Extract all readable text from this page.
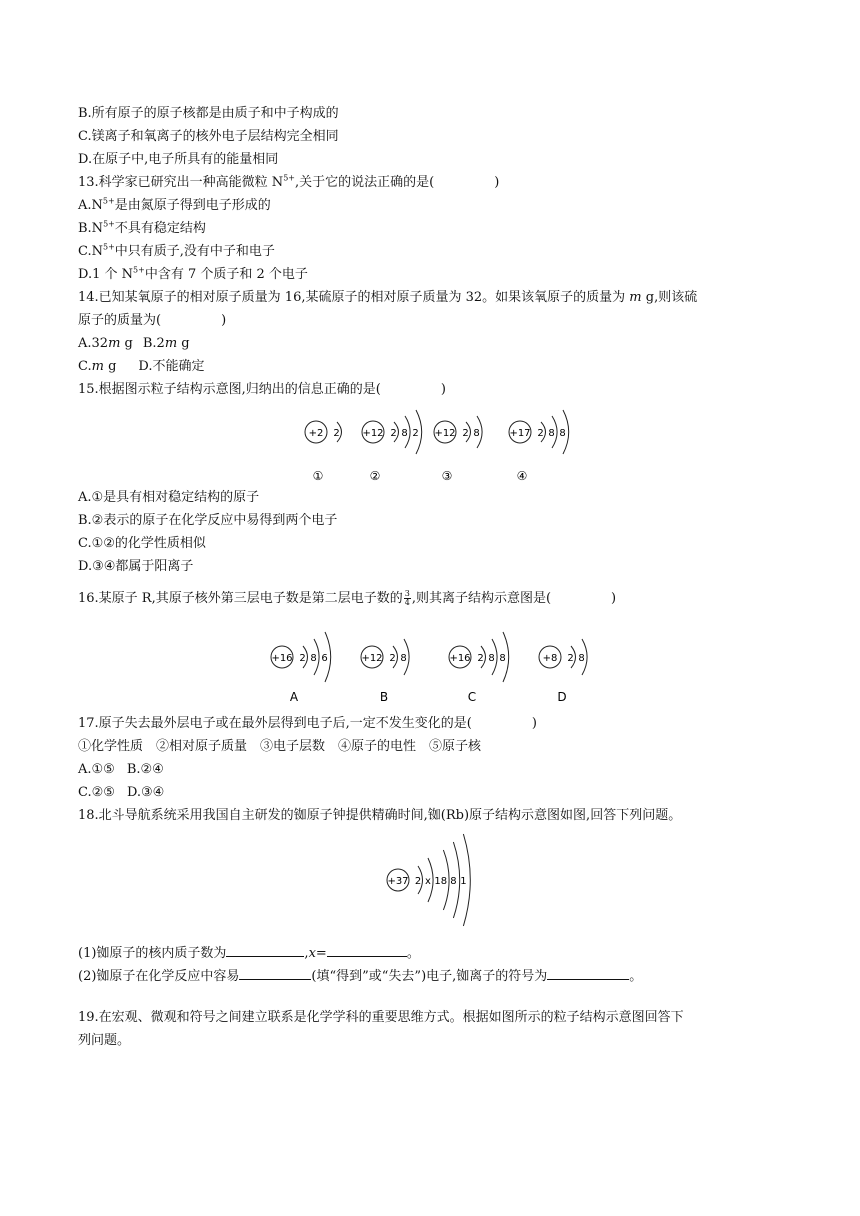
B.所有原子的原子核都是由质子和中子构成的
C.镁离子和氧离子的核外电子层结构完全相同
D.在原子中,电子所具有的能量相同
13.科学家已研究出一种高能微粒 $N^{5+}$,关于它的说法正确的是(	)
$A.N^{5+}$是由氮原子得到电子形成的
$B.N^{5+}$不具有稳定结构
$C.N^{5+}$中只有质子,没有中子和电子
D.1 个 $N^{5+}$中含有 7 个质子和 2 个电子
14.已知某氧原子的相对原子质量为 16,某硫原子的相对原子质量为 32。如果该氧原子的质量为 m g,则该硫
原子的质量为(	)
A.32m g B.2m g
C.m g D.不能确定
15.根据图示粒子结构示意图,归纳出的信息正确的是(	)
+2 2
①
+12 2 8 2
②
+12 2 8
③
+17 2 8 8
④
A.①是具有相对稳定结构的原子
B.②表示的原子在化学反应中易得到两个电子
C.①②的化学性质相似
D.③④都属于阳离子
16.某原子 R,其原子核外第三层电子数是第二层电子数的 $\frac{3}{4}$ ,则其离子结构示意图是(	)
+16 2 8 6
A
+12 2 8
B
+16 2 8 8
C
+8 2 8
D
17.原子失去最外层电子或在最外层得到电子后,一定不发生变化的是(	)
①化学性质　②相对原子质量　③电子层数　④原子的电性　⑤原子核
A.①⑤ B.②④
C.②⑤ D.③④
18.北斗导航系统采用我国自主研发的铷原子钟提供精确时间,铷(Rb)原子结构示意图如图,回答下列问题。
+37 2 x 18 8 1
(1)铷原子的核内质子数为	,x=	。
(2)铷原子在化学反应中容易	(填“得到”或“失去”)电子,铷离子的符号为	。
19.在宏观、微观和符号之间建立联系是化学学科的重要思维方式。根据如图所示的粒子结构示意图回答下
列问题。
